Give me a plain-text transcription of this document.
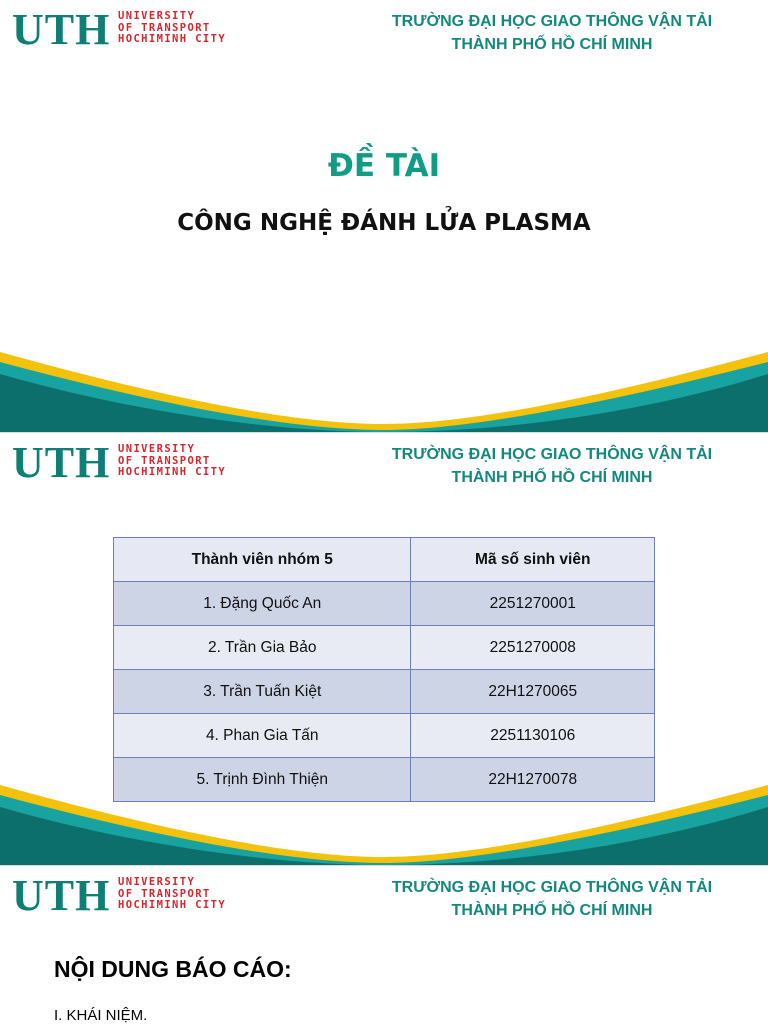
UTH UNIVERSITY
OF TRANSPORT
HOCHIMINH CITY
TRƯỜNG ĐẠI HỌC GIAO THÔNG VẬN TẢI
THÀNH PHỐ HỒ CHÍ MINH
ĐỀ TÀI
CÔNG NGHỆ ĐÁNH LỬA PLASMA
UTH UNIVERSITY
OF TRANSPORT
HOCHIMINH CITY
TRƯỜNG ĐẠI HỌC GIAO THÔNG VẬN TẢI
THÀNH PHỐ HỒ CHÍ MINH
Thành viên nhóm 5	Mã số sinh viên
1. Đặng Quốc An	2251270001
2. Trần Gia Bảo	2251270008
3. Trần Tuấn Kiệt	22H1270065
4. Phan Gia Tấn	2251130106
5. Trịnh Đình Thiện	22H1270078
UTH UNIVERSITY
OF TRANSPORT
HOCHIMINH CITY
TRƯỜNG ĐẠI HỌC GIAO THÔNG VẬN TẢI
THÀNH PHỐ HỒ CHÍ MINH
NỘI DUNG BÁO CÁO:
I. KHÁI NIỆM.
